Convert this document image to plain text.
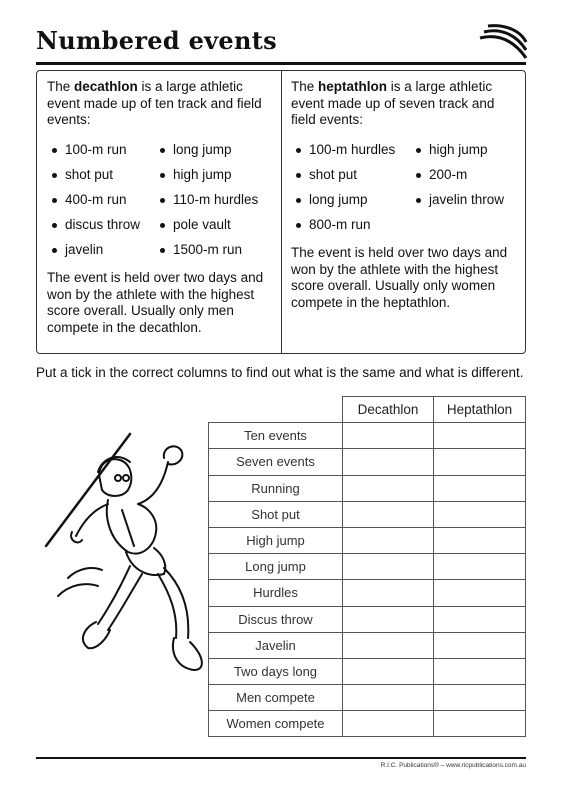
Numbered events

The decathlon is a large athletic event made up of ten track and field events:

100-m run	long jump
shot put	high jump
400-m run	110-m hurdles
discus throw	pole vault
javelin	1500-m run

The event is held over two days and won by the athlete with the highest score overall. Usually only men compete in the decathlon.

The heptathlon is a large athletic event made up of seven track and field events:

100-m hurdles	high jump
shot put	200-m
long jump	javelin throw
800-m run

The event is held over two days and won by the athlete with the highest score overall. Usually only women compete in the heptathlon.

Put a tick in the correct columns to find out what is the same and what is different.

	Decathlon	Heptathlon
Ten events		
Seven events		
Running		
Shot put		
High jump		
Long jump		
Hurdles		
Discus throw		
Javelin		
Two days long		
Men compete		
Women compete		
R.I.C. Publications® – www.ricpublications.com.au
